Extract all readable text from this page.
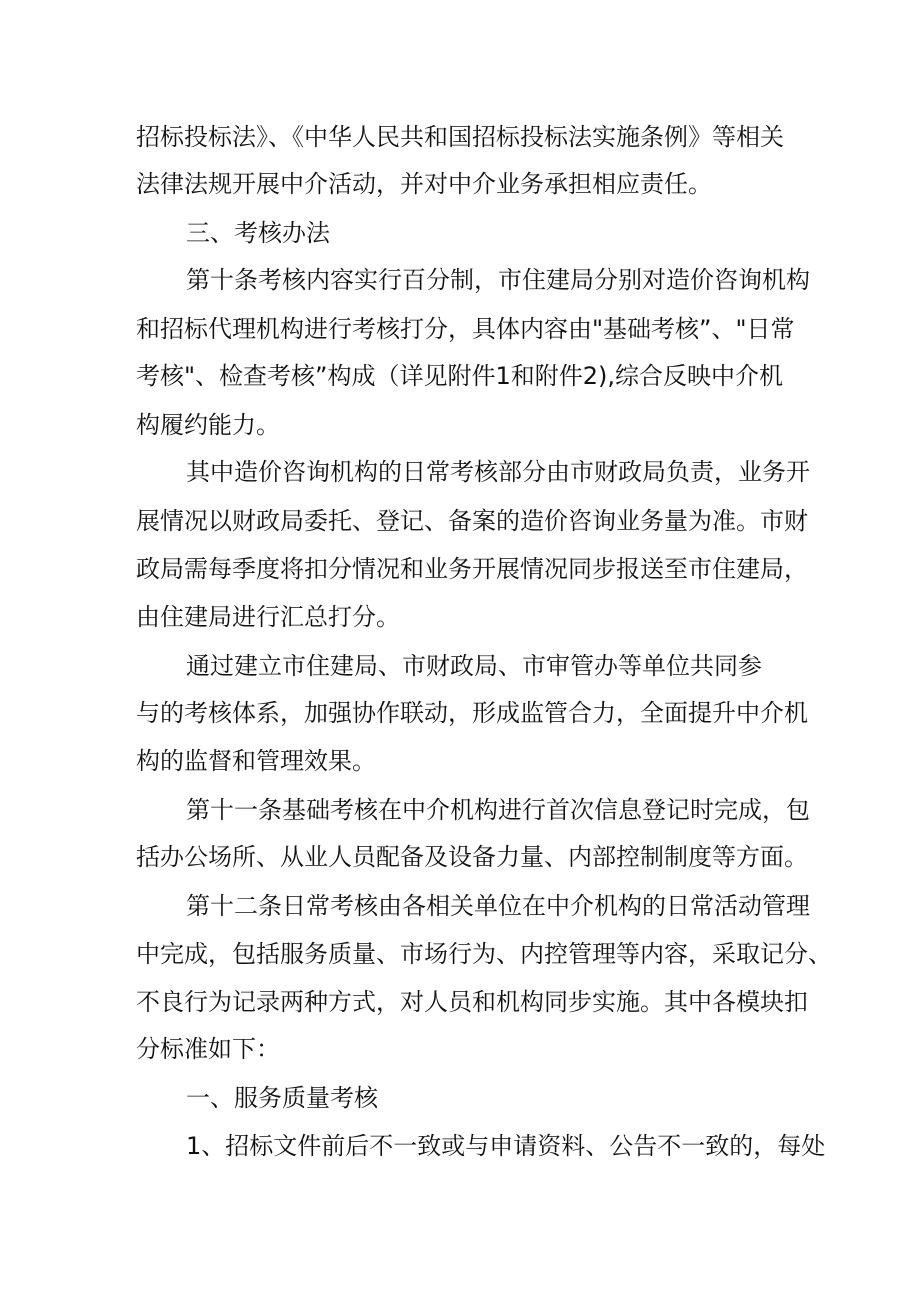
招标投标法》、《中华人民共和国招标投标法实施条例》等相关

法律法规开展中介活动，并对中介业务承担相应责任。

三、考核办法

第十条考核内容实行百分制，市住建局分别对造价咨询机构

和招标代理机构进行考核打分，具体内容由"基础考核”、"日常

考核"、检查考核”构成（详见附件1和附件2),综合反映中介机

构履约能力。

其中造价咨询机构的日常考核部分由市财政局负责，业务开

展情况以财政局委托、登记、备案的造价咨询业务量为准。市财

政局需每季度将扣分情况和业务开展情况同步报送至市住建局，

由住建局进行汇总打分。

通过建立市住建局、市财政局、市审管办等单位共同参

与的考核体系，加强协作联动，形成监管合力，全面提升中介机

构的监督和管理效果。

第十一条基础考核在中介机构进行首次信息登记时完成，包

括办公场所、从业人员配备及设备力量、内部控制制度等方面。

第十二条日常考核由各相关单位在中介机构的日常活动管理

中完成，包括服务质量、市场行为、内控管理等内容，采取记分、

不良行为记录两种方式，对人员和机构同步实施。其中各模块扣

分标准如下：

一、服务质量考核

1、招标文件前后不一致或与申请资料、公告不一致的，每处
